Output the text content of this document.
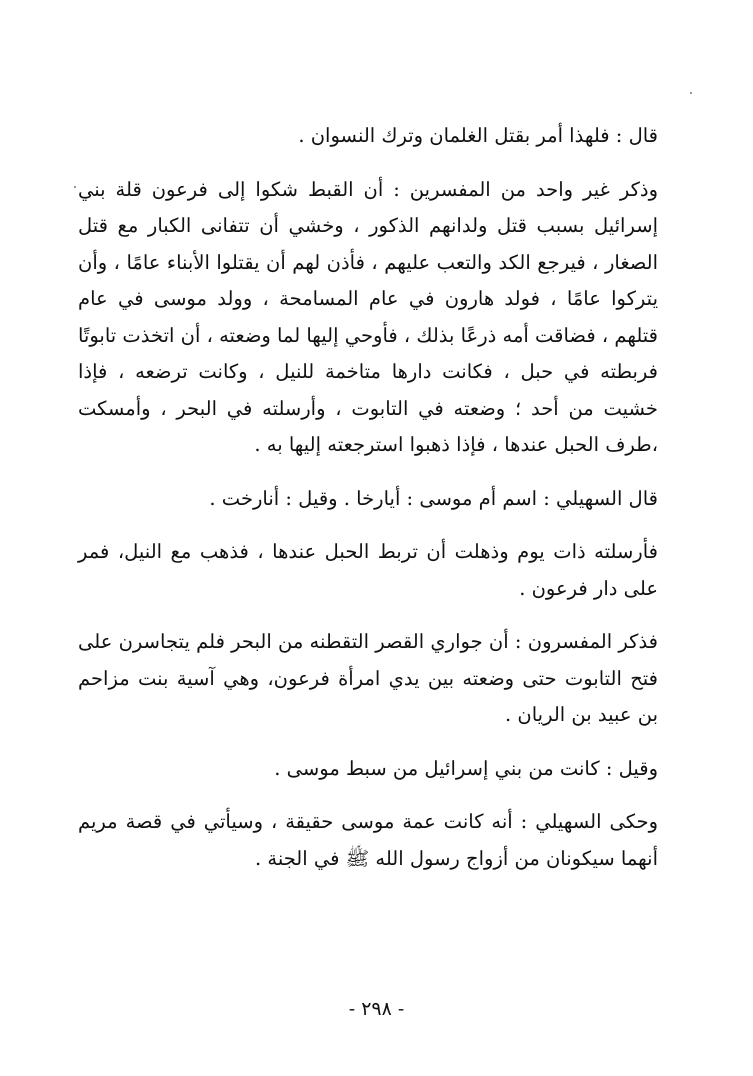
قال : فلهذا أمر بقتل الغلمان وترك النسوان .

وذكر غير واحد من المفسرين : أن القبط شكوا إلى فرعون قلة بني إسرائيل بسبب قتل ولدانهم الذكور ، وخشي أن تتفانى الكبار مع قتل الصغار ، فيرجع الكد والتعب عليهم ، فأذن لهم أن يقتلوا الأبناء عامًا ، وأن يتركوا عامًا ، فولد هارون في عام المسامحة ، وولد موسى في عام قتلهم ، فضاقت أمه ذرعًا بذلك ، فأوحي إليها لما وضعته ، أن اتخذت تابوتًا فربطته في حبل ، فكانت دارها متاخمة للنيل ، وكانت ترضعه ، فإذا خشيت من أحد ؛ وضعته في التابوت ، وأرسلته في البحر ، وأمسكت ،طرف الحبل عندها ، فإذا ذهبوا استرجعته إليها به .

قال السهيلي : اسم أم موسى : أيارخا . وقيل : أنارخت .

فأرسلته ذات يوم وذهلت أن تربط الحبل عندها ، فذهب مع النيل، فمر على دار فرعون .

فذكر المفسرون : أن جواري القصر التقطنه من البحر فلم يتجاسرن على فتح التابوت حتى وضعته بين يدي امرأة فرعون، وهي آسية بنت مزاحم بن عبيد بن الريان .

وقيل : كانت من بني إسرائيل من سبط موسى .

وحكى السهيلي : أنه كانت عمة موسى حقيقة ، وسيأتي في قصة مريم أنهما سيكونان من أزواج رسول الله ﷺ في الجنة .

- ٢٩٨ -
